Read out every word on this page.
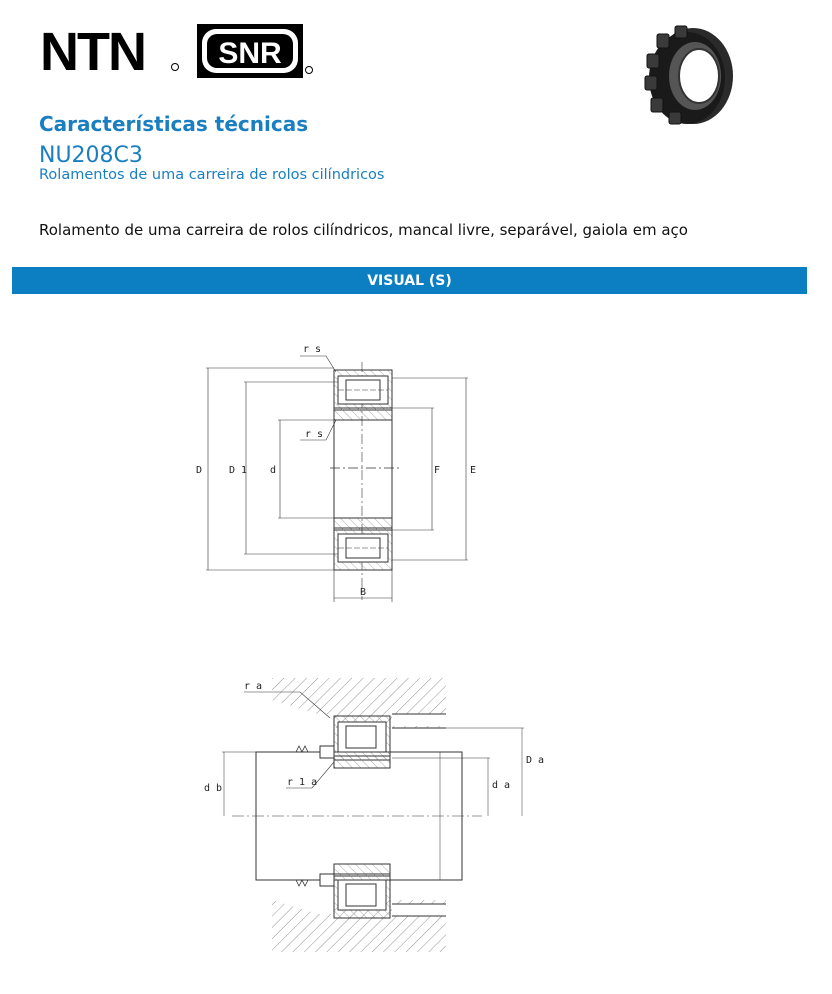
NTN SNR
Características técnicas
NU208C3
Rolamentos de uma carreira de rolos cilíndricos
Rolamento de uma carreira de rolos cilíndricos, mancal livre, separável, gaiola em aço
VISUAL (S)
r s
r s
D	D 1 d	F	E
B
r a
r 1 a
d b
D a
d a
